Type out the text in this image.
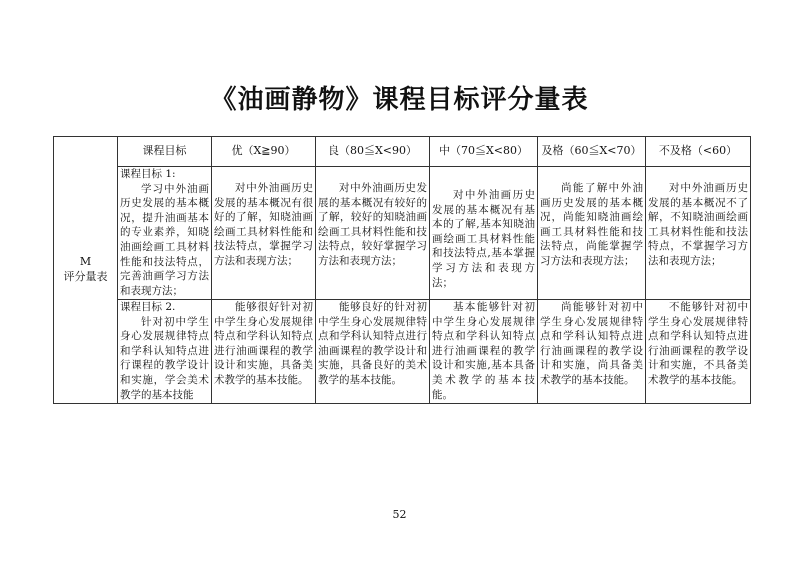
《油画静物》课程目标评分量表
M
评分量表	课程目标	优（X≧90）	良（80≦X<90）	中（70≦X<80）	及格（60≦X<70）	不及格（<60）

	课程目标 1:
学习中外油画历史发展的基本概况，提升油画基本的专业素养，知晓油画绘画工具材料性能和技法特点，完善油画学习方法和表现方法；	对中外油画历史发展的基本概况有很好的了解，知晓油画绘画工具材料性能和技法特点，掌握学习方法和表现方法；	对中外油画历史发展的基本概况有较好的了解，较好的知晓油画绘画工具材料性能和技法特点，较好掌握学习方法和表现方法；	对中外油画历史发展的基本概况有基本的了解,基本知晓油画绘画工具材料性能和技法特点,基本掌握学习方法和表现方法；	尚能了解中外油画历史发展的基本概况，尚能知晓油画绘画工具材料性能和技法特点，尚能掌握学习方法和表现方法；	对中外油画历史发展的基本概况不了解，不知晓油画绘画工具材料性能和技法特点，不掌握学习方法和表现方法；

	课程目标 2.
针对初中学生身心发展规律特点和学科认知特点进行课程的教学设计和实施，学会美术教学的基本技能	能够很好针对初中学生身心发展规律特点和学科认知特点进行油画课程的教学设计和实施，具备美术教学的基本技能。	能够良好的针对初中学生身心发展规律特点和学科认知特点进行油画课程的教学设计和实施，具备良好的美术教学的基本技能。	基本能够针对初中学生身心发展规律特点和学科认知特点进行油画课程的教学设计和实施,基本具备美术教学的基本技能。	尚能够针对初中学生身心发展规律特点和学科认知特点进行油画课程的教学设计和实施，尚具备美术教学的基本技能。	不能够针对初中学生身心发展规律特点和学科认知特点进行油画课程的教学设计和实施，不具备美术教学的基本技能。
52
